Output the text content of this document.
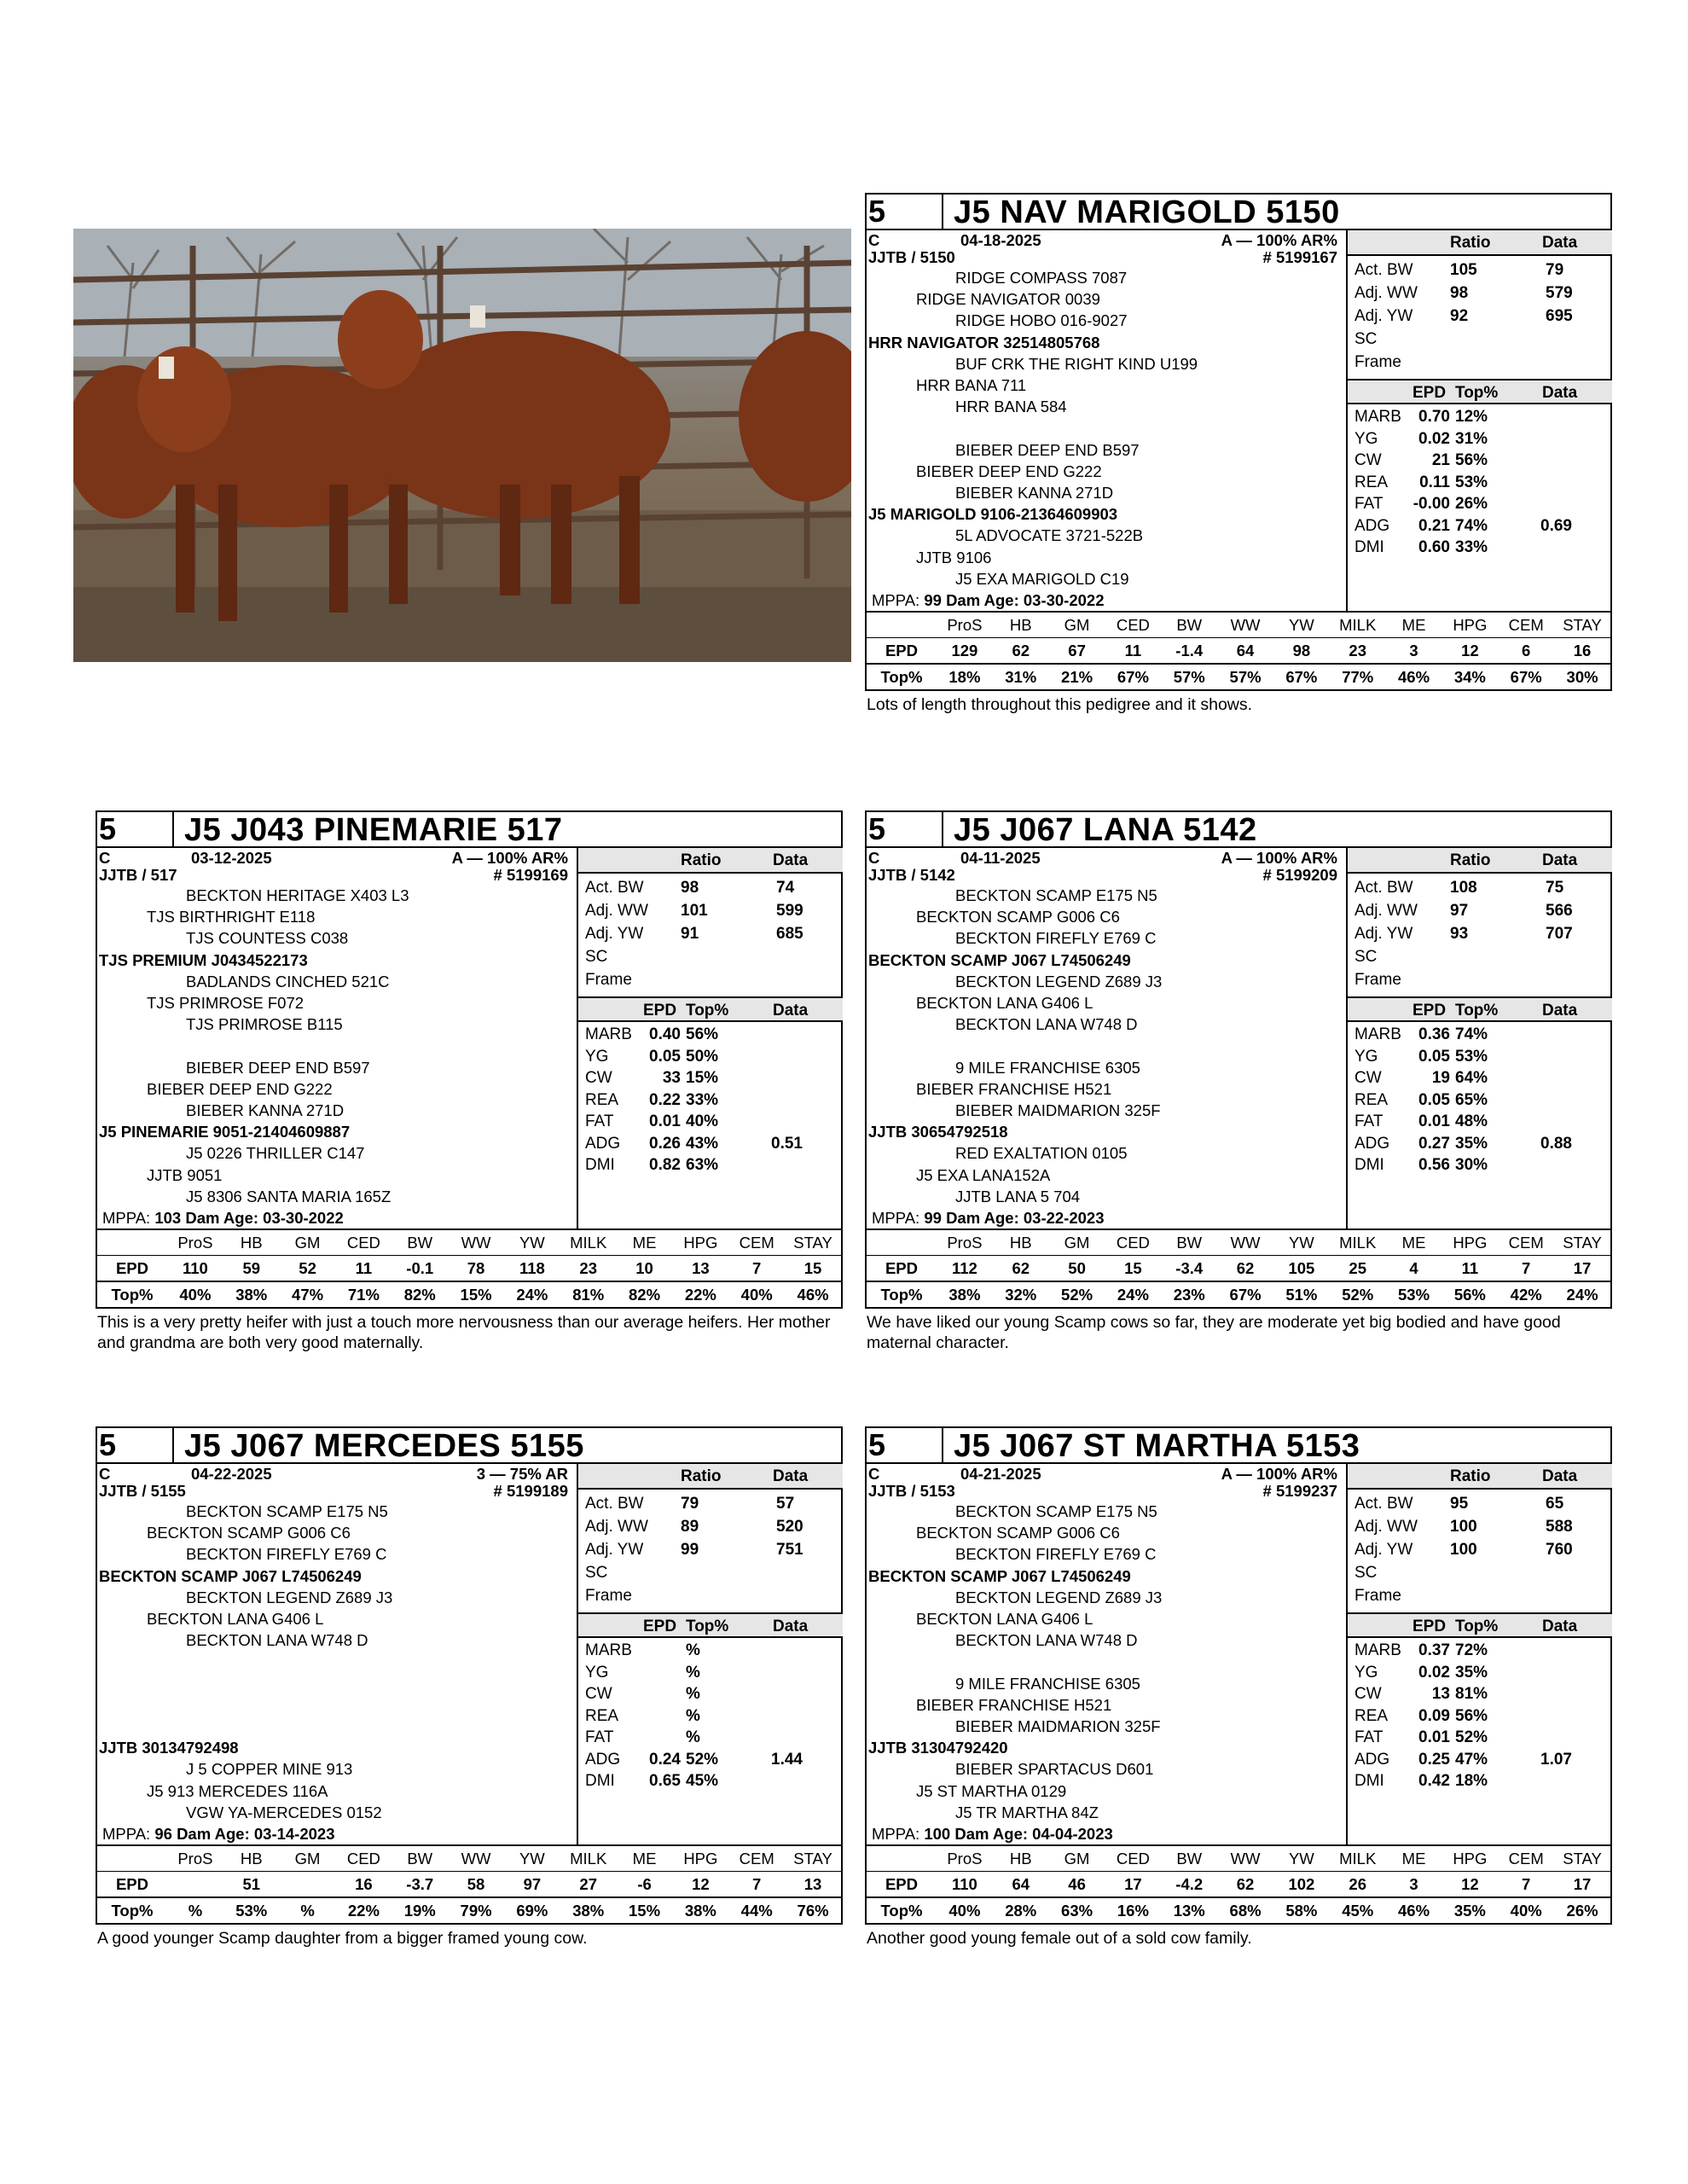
5	J5 NAV MARIGOLD 5150
C	04-18-2025	A — 100% AR%
JJTB / 5150	# 5199167
RIDGE COMPASS 7087
RIDGE NAVIGATOR 0039
RIDGE HOBO 016-9027
HRR NAVIGATOR 32514805768
BUF CRK THE RIGHT KIND U199
HRR BANA 711
HRR BANA 584
BIEBER DEEP END B597
BIEBER DEEP END G222
BIEBER KANNA 271D
J5 MARIGOLD 9106-21364609903
5L ADVOCATE 3721-522B
JJTB 9106
J5 EXA MARIGOLD C19
MPPA: 99 Dam Age: 03-30-2022
Ratio	Data
Act. BW 105	79
Adj. WW 98	579
Adj. YW 92	695
SC
Frame
EPD Top%	Data
MARB	0.70 12%
YG	0.02 31%
CW	21 56%
REA	0.11 53%
FAT	-0.00 26%
ADG	0.21 74%	0.69
DMI	0.60 33%
	ProS	HB	GM	CED	BW	WW	YW	MILK	ME	HPG	CEM	STAY
EPD	129	62	67	11	-1.4	64	98	23	3	12	6	16
Top%	18%	31%	21%	67%	57%	57%	67%	77%	46%	34%	67%	30%
Lots of length throughout this pedigree and it shows.
5	J5 J043 PINEMARIE 517
C	03-12-2025	A — 100% AR%
JJTB / 517	# 5199169
BECKTON HERITAGE X403 L3
TJS BIRTHRIGHT E118
TJS COUNTESS C038
TJS PREMIUM J0434522173
BADLANDS CINCHED 521C
TJS PRIMROSE F072
TJS PRIMROSE B115
BIEBER DEEP END B597
BIEBER DEEP END G222
BIEBER KANNA 271D
J5 PINEMARIE 9051-21404609887
J5 0226 THRILLER C147
JJTB 9051
J5 8306 SANTA MARIA 165Z
MPPA: 103 Dam Age: 03-30-2022
Ratio	Data
Act. BW 98	74
Adj. WW 101	599
Adj. YW 91	685
SC
Frame
EPD Top%	Data
MARB	0.40 56%
YG	0.05 50%
CW	33 15%
REA	0.22 33%
FAT	0.01 40%
ADG	0.26 43%	0.51
DMI	0.82 63%
	ProS	HB	GM	CED	BW	WW	YW	MILK	ME	HPG	CEM	STAY
EPD	110	59	52	11	-0.1	78	118	23	10	13	7	15
Top%	40%	38%	47%	71%	82%	15%	24%	81%	82%	22%	40%	46%
This is a very pretty heifer with just a touch more nervousness than our average heifers. Her mother and grandma are both very good maternally.
5	J5 J067 LANA 5142
C	04-11-2025	A — 100% AR%
JJTB / 5142	# 5199209
BECKTON SCAMP E175 N5
BECKTON SCAMP G006 C6
BECKTON FIREFLY E769 C
BECKTON SCAMP J067 L74506249
BECKTON LEGEND Z689 J3
BECKTON LANA G406 L
BECKTON LANA W748 D
9 MILE FRANCHISE 6305
BIEBER FRANCHISE H521
BIEBER MAIDMARION 325F
JJTB 30654792518
RED EXALTATION 0105
J5 EXA LANA152A
JJTB LANA 5 704
MPPA: 99 Dam Age: 03-22-2023
Ratio	Data
Act. BW 108	75
Adj. WW 97	566
Adj. YW 93	707
SC
Frame
EPD Top%	Data
MARB	0.36 74%
YG	0.05 53%
CW	19 64%
REA	0.05 65%
FAT	0.01 48%
ADG	0.27 35%	0.88
DMI	0.56 30%
	ProS	HB	GM	CED	BW	WW	YW	MILK	ME	HPG	CEM	STAY
EPD	112	62	50	15	-3.4	62	105	25	4	11	7	17
Top%	38%	32%	52%	24%	23%	67%	51%	52%	53%	56%	42%	24%
We have liked our young Scamp cows so far, they are moderate yet big bodied and have good maternal character.
5	J5 J067 MERCEDES 5155
C	04-22-2025	3 — 75% AR
JJTB / 5155	# 5199189
BECKTON SCAMP E175 N5
BECKTON SCAMP G006 C6
BECKTON FIREFLY E769 C
BECKTON SCAMP J067 L74506249
BECKTON LEGEND Z689 J3
BECKTON LANA G406 L
BECKTON LANA W748 D
JJTB 30134792498
J 5 COPPER MINE 913
J5 913 MERCEDES 116A
VGW YA-MERCEDES 0152
MPPA: 96 Dam Age: 03-14-2023
Ratio	Data
Act. BW 79	57
Adj. WW 89	520
Adj. YW 99	751
SC
Frame
EPD Top%	Data
MARB	%
YG	%
CW	%
REA	%
FAT	%
ADG	0.24 52%	1.44
DMI	0.65 45%
	ProS	HB	GM	CED	BW	WW	YW	MILK	ME	HPG	CEM	STAY
EPD		51		16	-3.7	58	97	27	-6	12	7	13
Top%	%	53%	%	22%	19%	79%	69%	38%	15%	38%	44%	76%
A good younger Scamp daughter from a bigger framed young cow.
5	J5 J067 ST MARTHA 5153
C	04-21-2025	A — 100% AR%
JJTB / 5153	# 5199237
BECKTON SCAMP E175 N5
BECKTON SCAMP G006 C6
BECKTON FIREFLY E769 C
BECKTON SCAMP J067 L74506249
BECKTON LEGEND Z689 J3
BECKTON LANA G406 L
BECKTON LANA W748 D
9 MILE FRANCHISE 6305
BIEBER FRANCHISE H521
BIEBER MAIDMARION 325F
JJTB 31304792420
BIEBER SPARTACUS D601
J5 ST MARTHA 0129
J5 TR MARTHA 84Z
MPPA: 100 Dam Age: 04-04-2023
Ratio	Data
Act. BW 95	65
Adj. WW 100	588
Adj. YW 100	760
SC
Frame
EPD Top%	Data
MARB	0.37 72%
YG	0.02 35%
CW	13 81%
REA	0.09 56%
FAT	0.01 52%
ADG	0.25 47%	1.07
DMI	0.42 18%
	ProS	HB	GM	CED	BW	WW	YW	MILK	ME	HPG	CEM	STAY
EPD	110	64	46	17	-4.2	62	102	26	3	12	7	17
Top%	40%	28%	63%	16%	13%	68%	58%	45%	46%	35%	40%	26%
Another good young female out of a sold cow family.
